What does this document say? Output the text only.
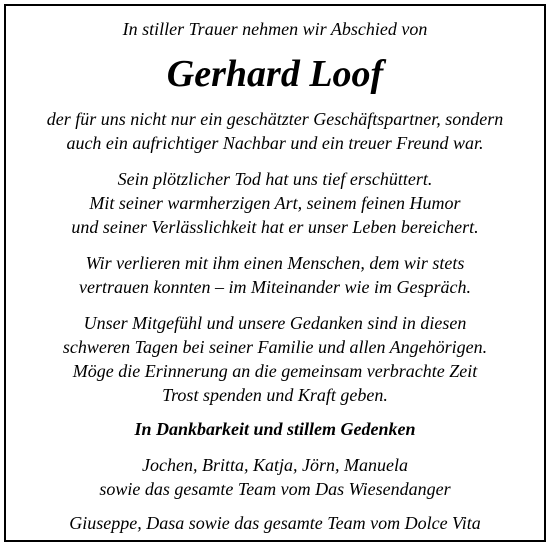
In stiller Trauer nehmen wir Abschied von
Gerhard Loof
der für uns nicht nur ein geschätzter Geschäftspartner, sondern
auch ein aufrichtiger Nachbar und ein treuer Freund war.
Sein plötzlicher Tod hat uns tief erschüttert.
Mit seiner warmherzigen Art, seinem feinen Humor
und seiner Verlässlichkeit hat er unser Leben bereichert.
Wir verlieren mit ihm einen Menschen, dem wir stets
vertrauen konnten – im Miteinander wie im Gespräch.
Unser Mitgefühl und unsere Gedanken sind in diesen
schweren Tagen bei seiner Familie und allen Angehörigen.
Möge die Erinnerung an die gemeinsam verbrachte Zeit
Trost spenden und Kraft geben.
In Dankbarkeit und stillem Gedenken
Jochen, Britta, Katja, Jörn, Manuela
sowie das gesamte Team vom Das Wiesendanger
Giuseppe, Dasa sowie das gesamte Team vom Dolce Vita
